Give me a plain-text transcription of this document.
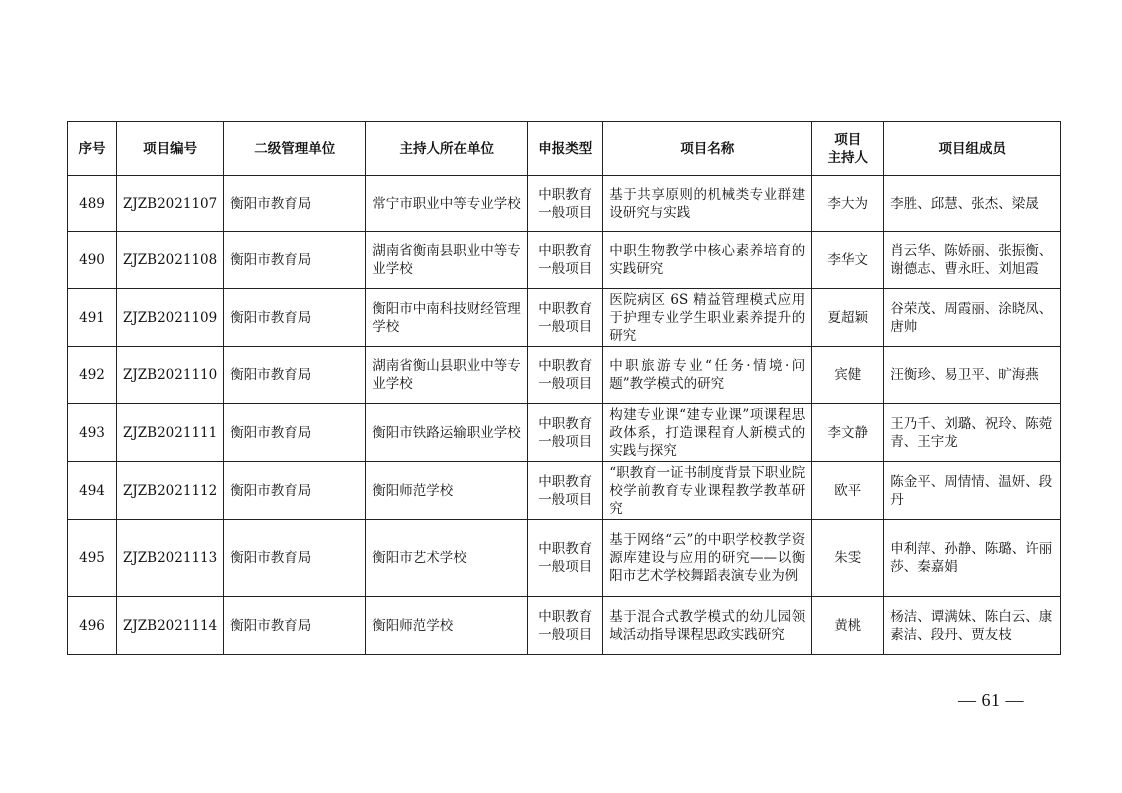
序号	项目编号	二级管理单位	主持人所在单位	申报类型	项目名称	项目
主持人	项目组成员
489	ZJZB2021107	衡阳市教育局	常宁市职业中等专业学校	中职教育一般项目	基于共享原则的机械类专业群建设研究与实践	李大为	李胜、邱慧、张杰、梁晟
490	ZJZB2021108	衡阳市教育局	湖南省衡南县职业中等专业学校	中职教育一般项目	中职生物教学中核心素养培育的实践研究	李华文	肖云华、陈娇丽、张振衡、谢德志、曹永旺、刘旭霞
491	ZJZB2021109	衡阳市教育局	衡阳市中南科技财经管理学校	中职教育一般项目	医院病区 6S 精益管理模式应用于护理专业学生职业素养提升的研究	夏超颖	谷荣茂、周霞丽、涂晓凤、唐帅
492	ZJZB2021110	衡阳市教育局	湖南省衡山县职业中等专业学校	中职教育一般项目	中职旅游专业“任务·情境·问题”教学模式的研究	宾健	汪衡珍、易卫平、旷海燕
493	ZJZB2021111	衡阳市教育局	衡阳市铁路运输职业学校	中职教育一般项目	构建专业课“建专业课”项课程思政体系，打造课程育人新模式的实践与探究	李文静	王乃千、刘璐、祝玲、陈菀青、王宇龙
494	ZJZB2021112	衡阳市教育局	衡阳师范学校	中职教育一般项目	“职教育一证书制度背景下职业院校学前教育专业课程教学教革研究	欧平	陈金平、周情情、温妍、段丹
495	ZJZB2021113	衡阳市教育局	衡阳市艺术学校	中职教育一般项目	基于网络“云”的中职学校教学资源库建设与应用的研究——以衡阳市艺术学校舞蹈表演专业为例	朱雯	申利萍、孙静、陈璐、许丽莎、秦嘉娟
496	ZJZB2021114	衡阳市教育局	衡阳师范学校	中职教育一般项目	基于混合式教学模式的幼儿园领域活动指导课程思政实践研究	黄桃	杨洁、谭满妹、陈白云、康素洁、段丹、贾友枝
— 61 —
